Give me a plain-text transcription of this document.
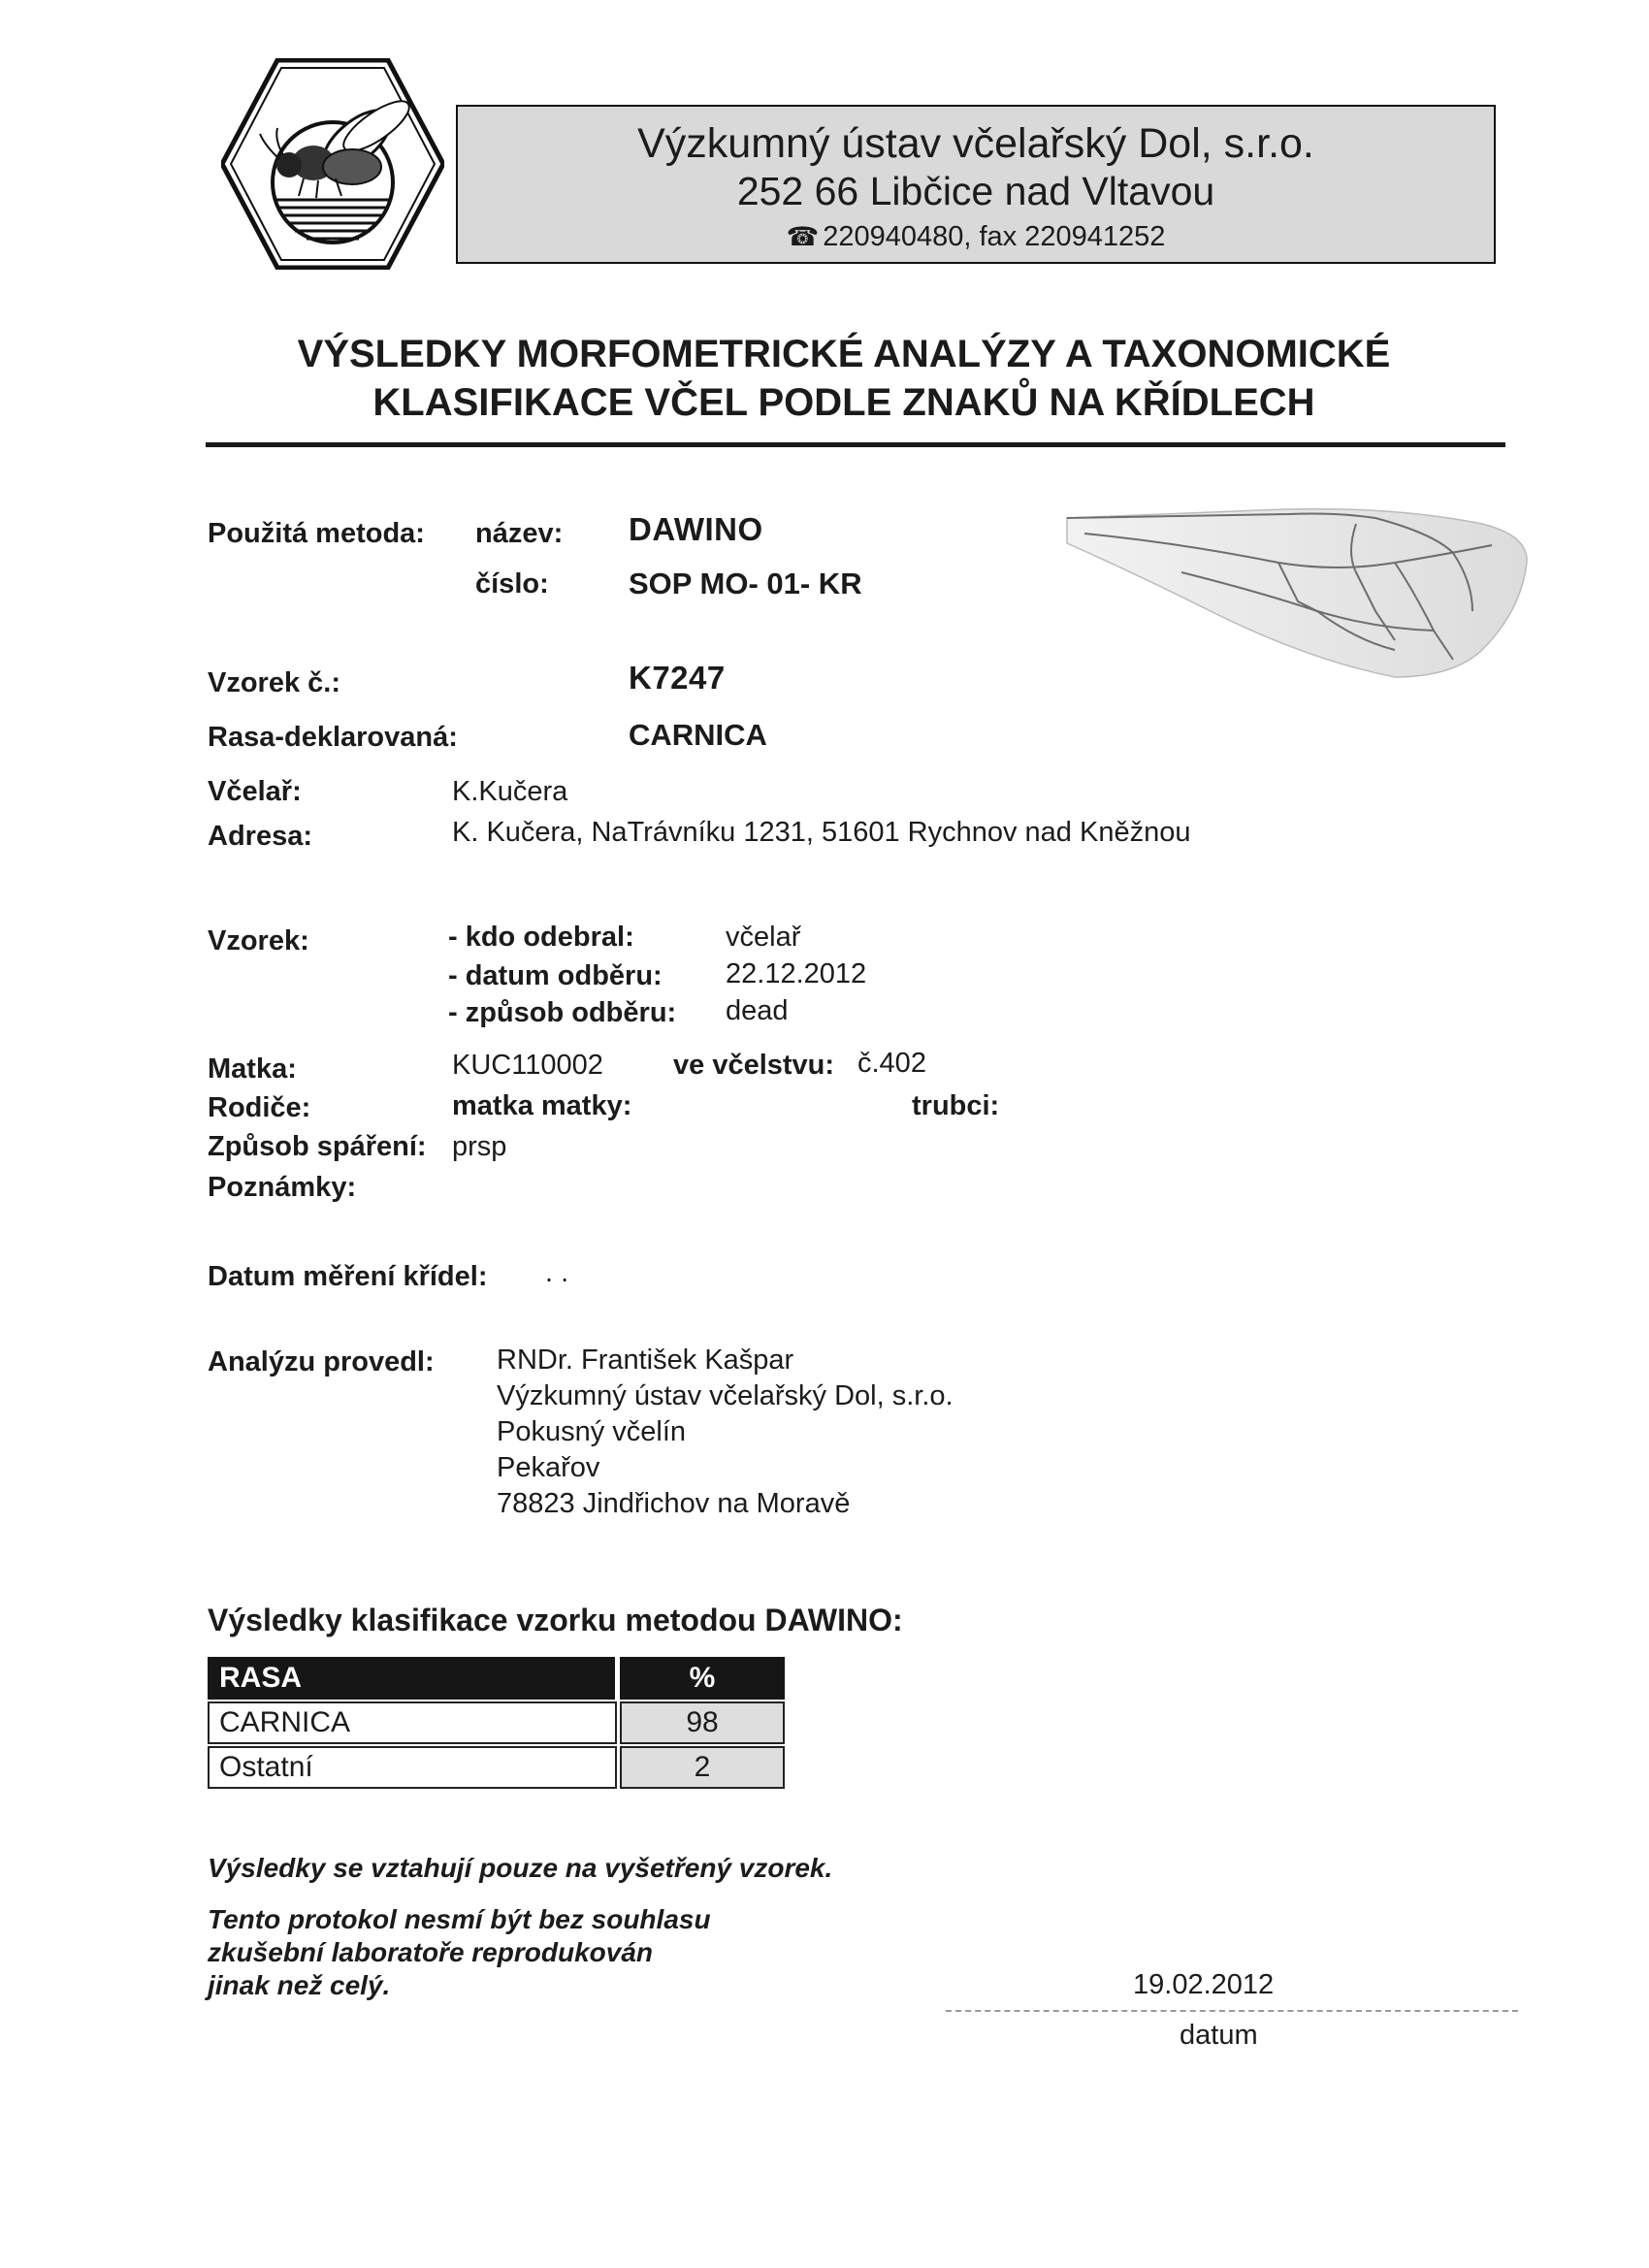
Výzkumný ústav včelařský Dol, s.r.o.
252 66 Libčice nad Vltavou
☎ 220940480, fax 220941252
VÝSLEDKY MORFOMETRICKÉ ANALÝZY A TAXONOMICKÉ
KLASIFIKACE VČEL PODLE ZNAKŮ NA KŘÍDLECH
Použitá metoda: název: DAWINO
číslo:	SOP MO- 01- KR
Vzorek č.:	K7247
Rasa-deklarovaná:	CARNICA
Včelař:	K.Kučera
Adresa:	K. Kučera, NaTrávníku 1231, 51601 Rychnov nad Kněžnou
Vzorek:	- kdo odebral:	včelař
- datum odběru: 22.12.2012
- způsob odběru: dead
Matka:	KUC110002 ve včelstvu: č.402
Rodiče:	matka matky:	trubci:
Způsob spáření: prsp
Poznámky:
Datum měření křídel: . .
Analýzu provedl: RNDr. František Kašpar
Výzkumný ústav včelařský Dol, s.r.o.
Pokusný včelín
Pekařov
78823 Jindřichov na Moravě
Výsledky klasifikace vzorku metodou DAWINO:
RASA	%
CARNICA	98
Ostatní	2
Výsledky se vztahují pouze na vyšetřený vzorek.
Tento protokol nesmí být bez souhlasu
zkušební laboratoře reprodukován
jinak než celý.	19.02.2012
datum
